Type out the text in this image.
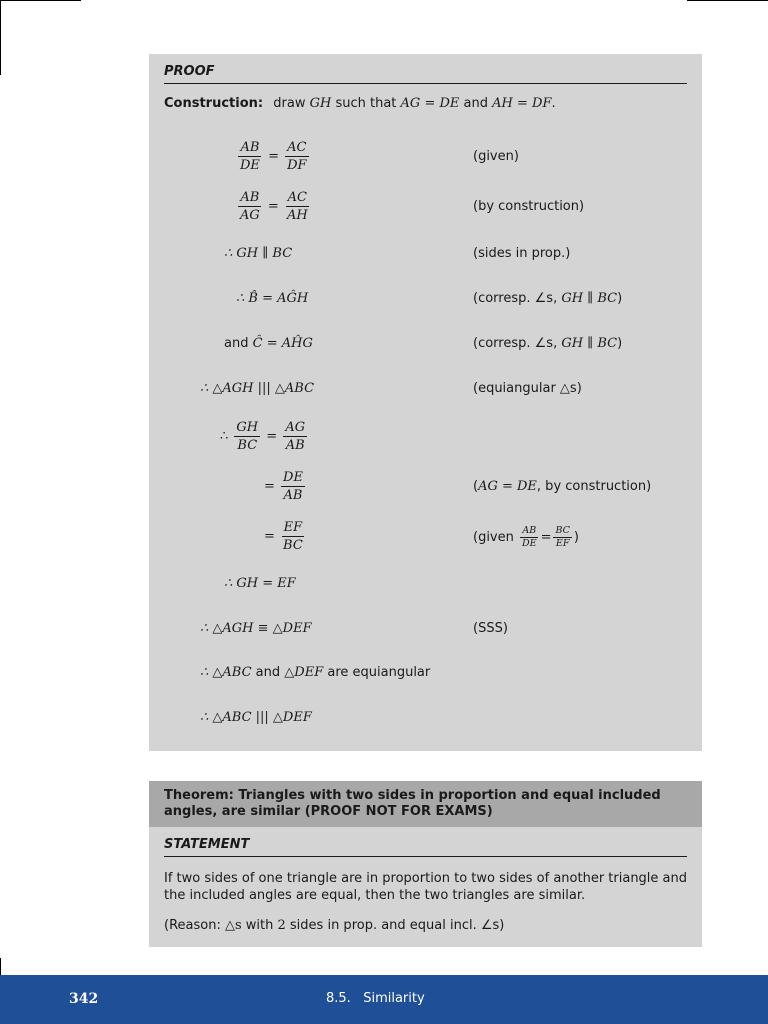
PROOF
Construction: draw GH such that AG = DE and AH = DF.
$\frac{AB}{DE} = \frac{AC}{DF}$	(given)
$\frac{AB}{AG} = \frac{AC}{AH}$	(by construction)
∴ GH ∥ BC	(sides in prop.)
∴ B̂ = AĜH	(corresp. ∠s, GH ∥ BC)
and Ĉ = AĤG	(corresp. ∠s, GH ∥ BC)
∴ △AGH ||| △ABC	(equiangular △s)
∴ $\frac{GH}{BC} = \frac{AG}{AB}$
= $\frac{DE}{AB}$	(AG = DE, by construction)
= $\frac{EF}{BC}$	(given $\frac{AB}{DE} = \frac{BC}{EF}$ )
∴ GH = EF
∴ △AGH ≡ △DEF	(SSS)
∴ △ABC and △DEF are equiangular
∴ △ABC ||| △DEF
Theorem: Triangles with two sides in proportion and equal included angles, are similar (PROOF NOT FOR EXAMS)
STATEMENT
If two sides of one triangle are in proportion to two sides of another triangle and the included angles are equal, then the two triangles are similar.
(Reason: △s with 2 sides in prop. and equal incl. ∠s)
342	8.5.   Similarity
